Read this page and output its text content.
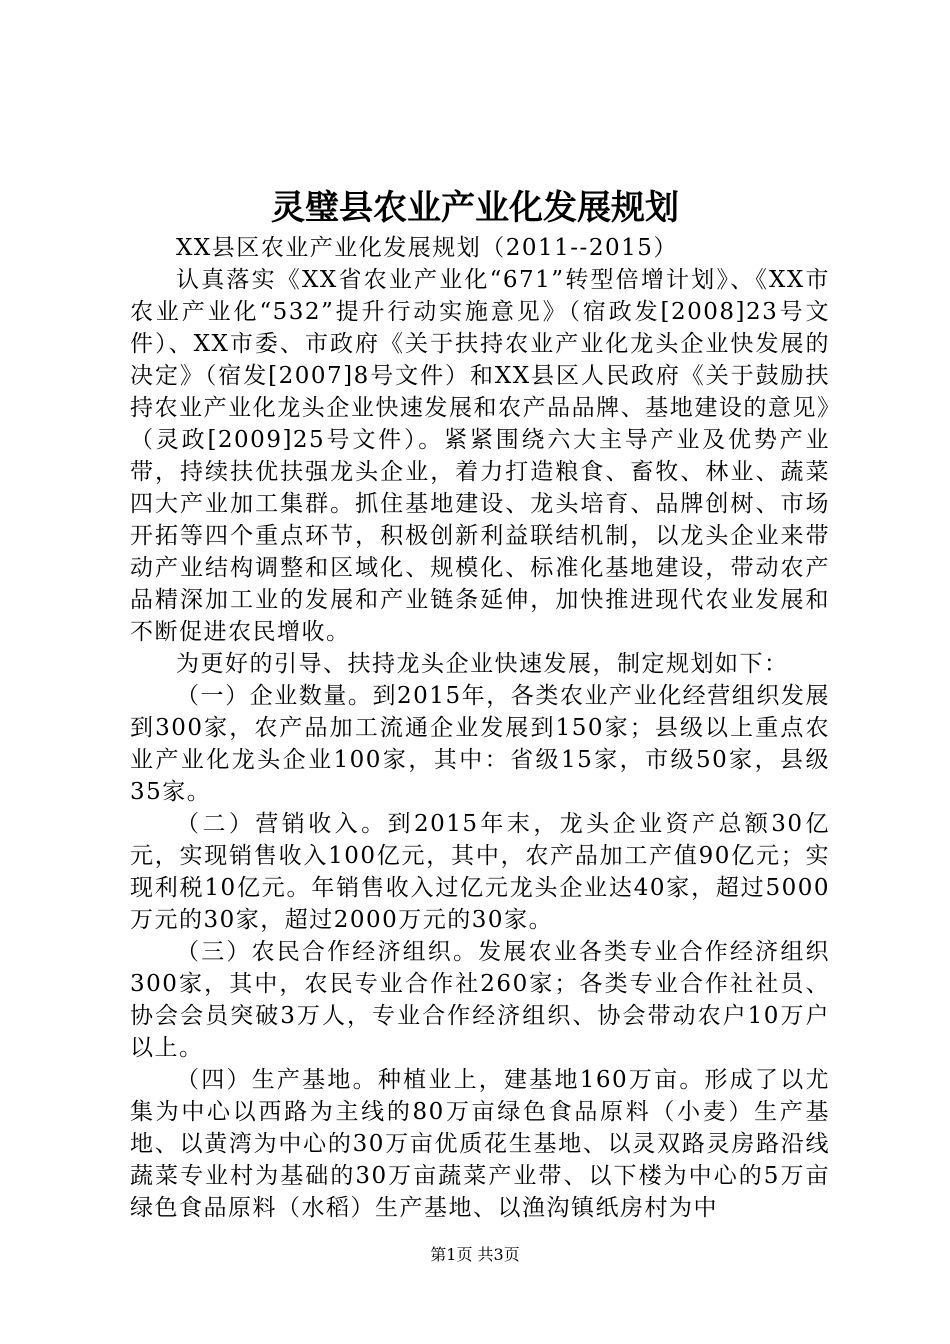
灵璧县农业产业化发展规划

XX县区农业产业化发展规划（2011--2015）

认真落实《XX省农业产业化“671”转型倍增计划》、《XX市农业产业化“532”提升行动实施意见》（宿政发[2008]23号文件）、XX市委、市政府《关于扶持农业产业化龙头企业快发展的决定》（宿发[2007]8号文件）和XX县区人民政府《关于鼓励扶持农业产业化龙头企业快速发展和农产品品牌、基地建设的意见》（灵政[2009]25号文件）。紧紧围绕六大主导产业及优势产业带，持续扶优扶强龙头企业，着力打造粮食、畜牧、林业、蔬菜四大产业加工集群。抓住基地建设、龙头培育、品牌创树、市场开拓等四个重点环节，积极创新利益联结机制，以龙头企业来带动产业结构调整和区域化、规模化、标准化基地建设，带动农产品精深加工业的发展和产业链条延伸，加快推进现代农业发展和不断促进农民增收。

为更好的引导、扶持龙头企业快速发展，制定规划如下：

（一）企业数量。到2015年，各类农业产业化经营组织发展到300家，农产品加工流通企业发展到150家；县级以上重点农业产业化龙头企业100家，其中：省级15家，市级50家，县级35家。

（二）营销收入。到2015年末，龙头企业资产总额30亿元，实现销售收入100亿元，其中，农产品加工产值90亿元；实现利税10亿元。年销售收入过亿元龙头企业达40家，超过5000万元的30家，超过2000万元的30家。

（三）农民合作经济组织。发展农业各类专业合作经济组织300家，其中，农民专业合作社260家；各类专业合作社社员、协会会员突破3万人，专业合作经济组织、协会带动农户10万户以上。

（四）生产基地。种植业上，建基地160万亩。形成了以尤集为中心以西路为主线的80万亩绿色食品原料（小麦）生产基地、以黄湾为中心的30万亩优质花生基地、以灵双路灵房路沿线蔬菜专业村为基础的30万亩蔬菜产业带、以下楼为中心的5万亩绿色食品原料（水稻）生产基地、以渔沟镇纸房村为中

第1页 共3页
